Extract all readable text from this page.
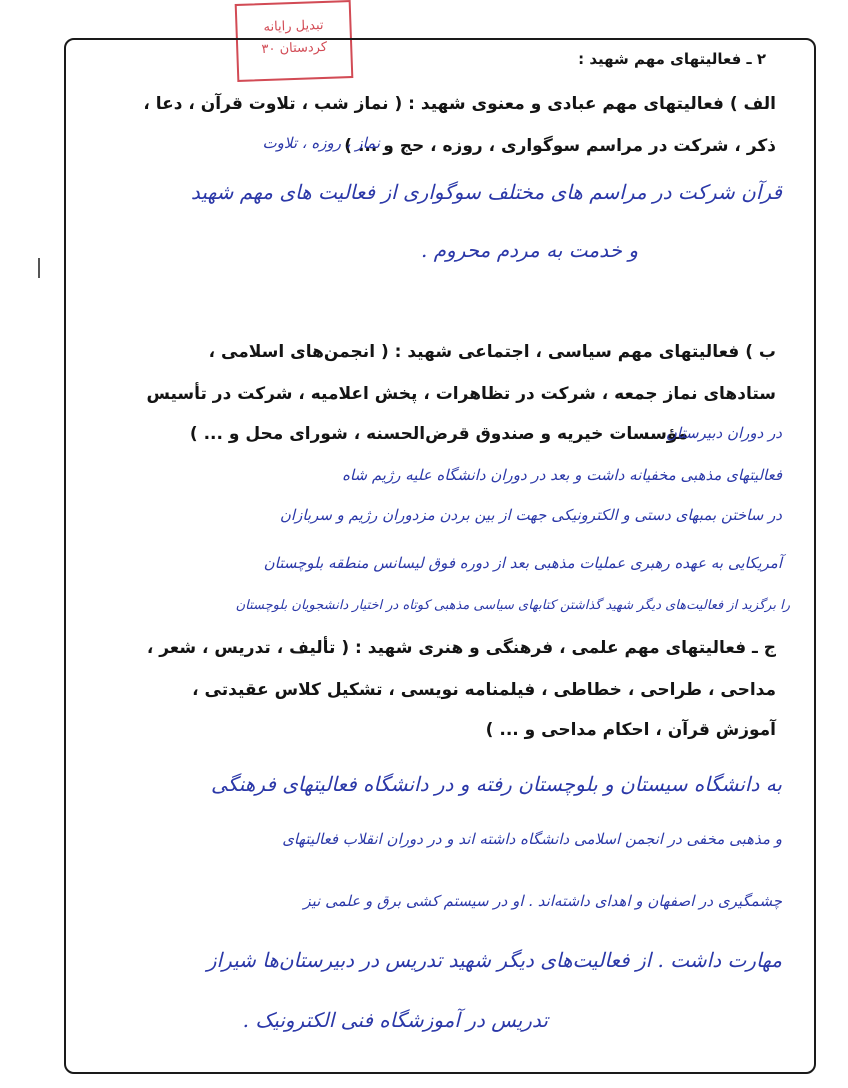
تبدیل رایانه
کردستان ۳۰
۲ ـ فعالیتهای مهم شهید :
الف ) فعالیتهای مهم عبادی و معنوی شهید : ( نماز شب ، تلاوت قرآن ، دعا ،
ذکر ، شرکت در مراسم سوگواری ، روزه ، حج و ... )
نماز ، روزه ، تلاوت
قرآن شرکت در مراسم های مختلف سوگواری از فعالیت های مهم شهید
و خدمت به مردم محروم .
ب ) فعالیتهای مهم سیاسی ، اجتماعی شهید : ( انجمن‌های اسلامی ،
ستادهای نماز جمعه ، شرکت در تظاهرات ، پخش اعلامیه ، شرکت در تأسیس
مؤسسات خیریه و صندوق قرض‌الحسنه ، شورای محل و ... )
در دوران دبیرستان
فعالیتهای مذهبی مخفیانه داشت و بعد در دوران دانشگاه علیه رژیم شاه
در ساختن بمبهای دستی و الکترونیکی جهت از بین بردن مزدوران رژیم و سربازان
آمریکایی به عهده رهبری عملیات مذهبی بعد از دوره فوق لیسانس منطقه بلوچستان
را برگزید از فعالیت‌های دیگر شهید گذاشتن کتابهای سیاسی مذهبی کوتاه در اختیار دانشجویان بلوچستان
ج ـ فعالیتهای مهم علمی ، فرهنگی و هنری شهید : ( تألیف ، تدریس ، شعر ،
مداحی ، طراحی ، خطاطی ، فیلمنامه نویسی ، تشکیل کلاس عقیدتی ،
آموزش قرآن ، احکام مداحی و ... )
به دانشگاه سیستان و بلوچستان رفته و در دانشگاه فعالیتهای فرهنگی
و مذهبی مخفی در انجمن اسلامی دانشگاه داشته اند و در دوران انقلاب فعالیتهای
چشمگیری در اصفهان و اهدای داشته‌اند . او در سیستم کشی برق و علمی نیز
مهارت داشت . از فعالیت‌های دیگر شهید تدریس در دبیرستان‌ها شیراز
تدریس در آموزشگاه فنی الکترونیک .
